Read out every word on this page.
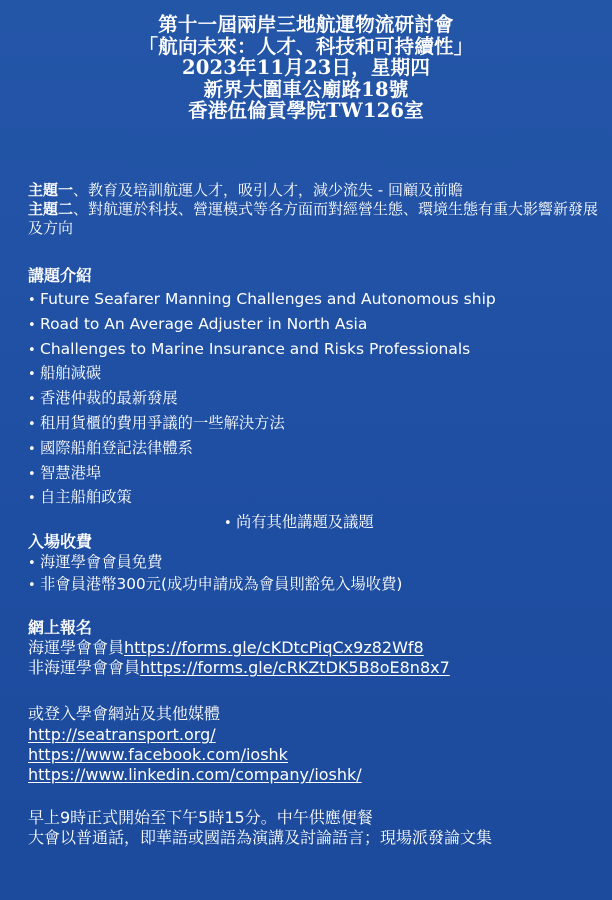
第十一屆兩岸三地航運物流研討會
「航向未來：人才、科技和可持續性」
2023年11月23日，星期四
新界大圍車公廟路18號
香港伍倫貢學院TW126室
主題一、教育及培訓航運人才，吸引人才，減少流失 - 回顧及前瞻
主題二、對航運於科技、營運模式等各方面而對經營生態、環境生態有重大影響新發展及方向
講題介紹
• Future Seafarer Manning Challenges and Autonomous ship
• Road to An Average Adjuster in North Asia
• Challenges to Marine Insurance and Risks Professionals
• 船舶減碳
• 香港仲裁的最新發展
• 租用貨櫃的費用爭議的一些解決方法
• 國際船舶登記法律體系
• 智慧港埠
• 自主船舶政策
• 尚有其他講題及議題
入場收費
• 海運學會會員免費
• 非會員港幣300元(成功申請成為會員則豁免入場收費)
網上報名
海運學會會員https://forms.gle/cKDtcPiqCx9z82Wf8
非海運學會會員https://forms.gle/cRKZtDK5B8oE8n8x7
或登入學會網站及其他媒體
http://seatransport.org/
https://www.facebook.com/ioshk
https://www.linkedin.com/company/ioshk/
早上9時正式開始至下午5時15分。中午供應便餐
大會以普通話，即華語或國語為演講及討論語言；現場派發論文集
